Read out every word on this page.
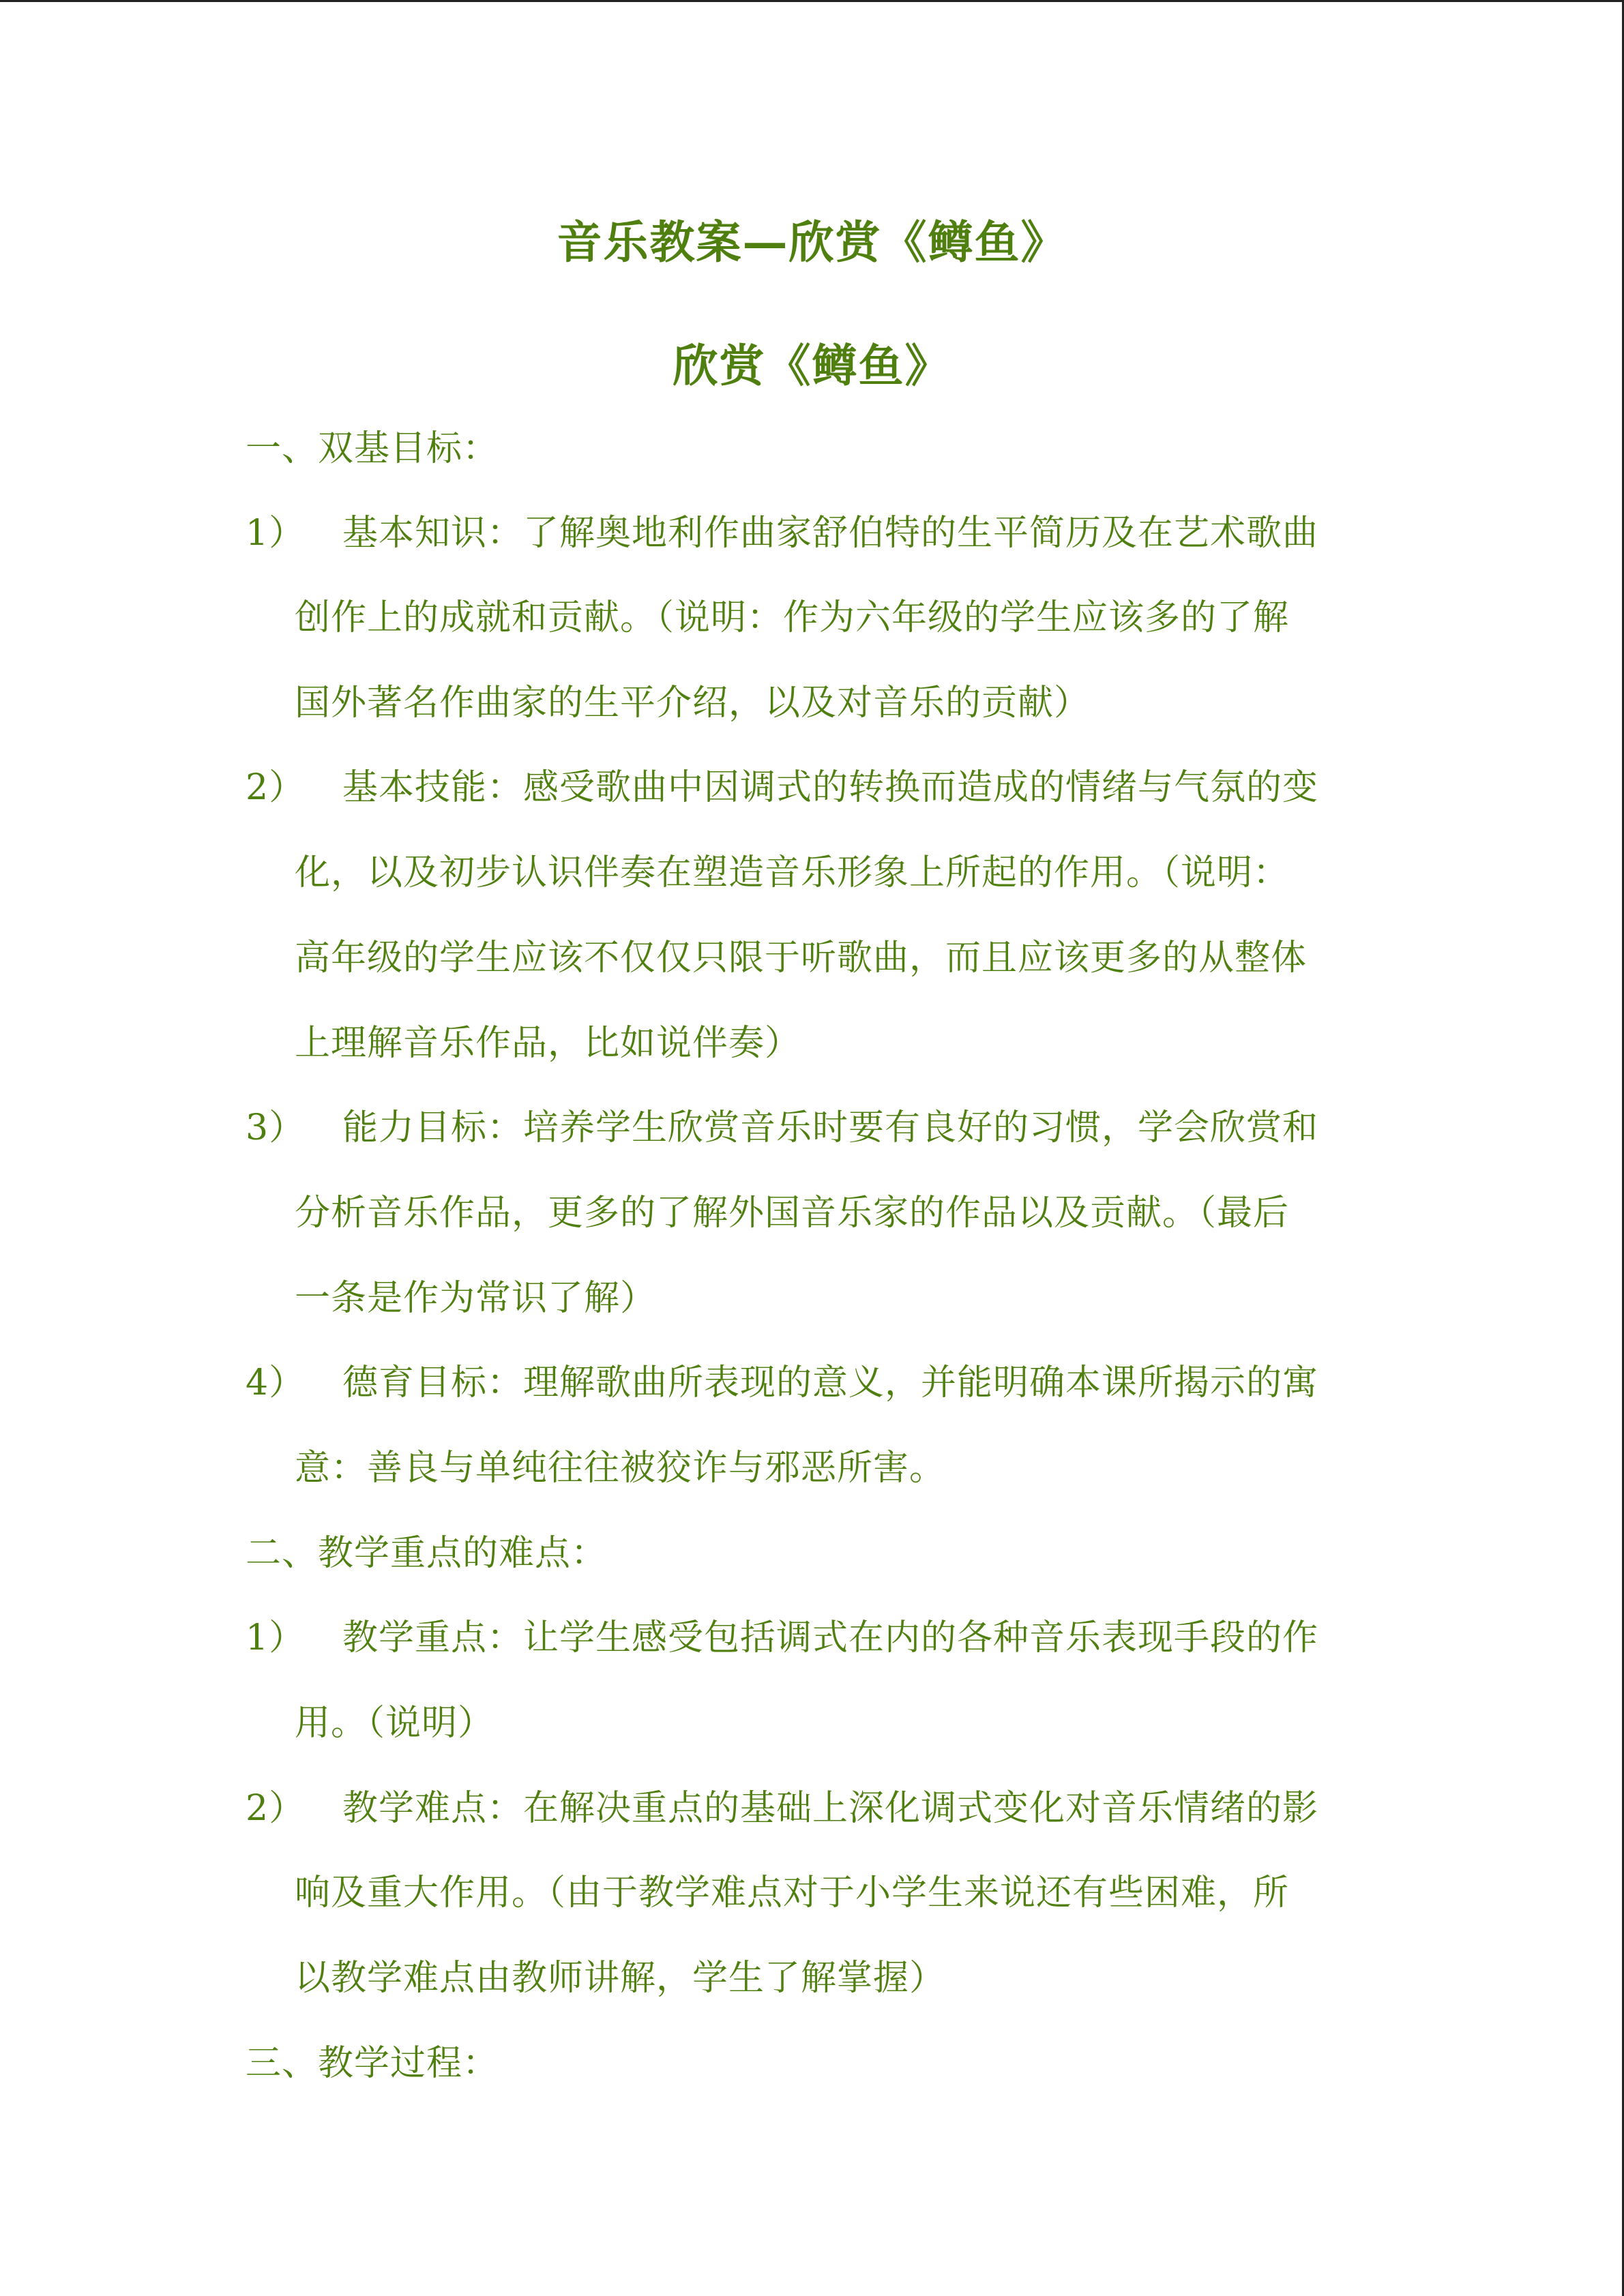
音乐教案—欣赏《鳟鱼》
欣赏《鳟鱼》
一、双基目标：
1） 基本知识：了解奥地利作曲家舒伯特的生平简历及在艺术歌曲
创作上的成就和贡献。（说明：作为六年级的学生应该多的了解
国外著名作曲家的生平介绍，以及对音乐的贡献）
2） 基本技能：感受歌曲中因调式的转换而造成的情绪与气氛的变
化，以及初步认识伴奏在塑造音乐形象上所起的作用。（说明：
高年级的学生应该不仅仅只限于听歌曲，而且应该更多的从整体
上理解音乐作品，比如说伴奏）
3） 能力目标：培养学生欣赏音乐时要有良好的习惯，学会欣赏和
分析音乐作品，更多的了解外国音乐家的作品以及贡献。（最后
一条是作为常识了解）
4） 德育目标：理解歌曲所表现的意义，并能明确本课所揭示的寓
意：善良与单纯往往被狡诈与邪恶所害。
二、教学重点的难点：
1） 教学重点：让学生感受包括调式在内的各种音乐表现手段的作
用。（说明）
2） 教学难点：在解决重点的基础上深化调式变化对音乐情绪的影
响及重大作用。（由于教学难点对于小学生来说还有些困难，所
以教学难点由教师讲解，学生了解掌握）
三、教学过程：
